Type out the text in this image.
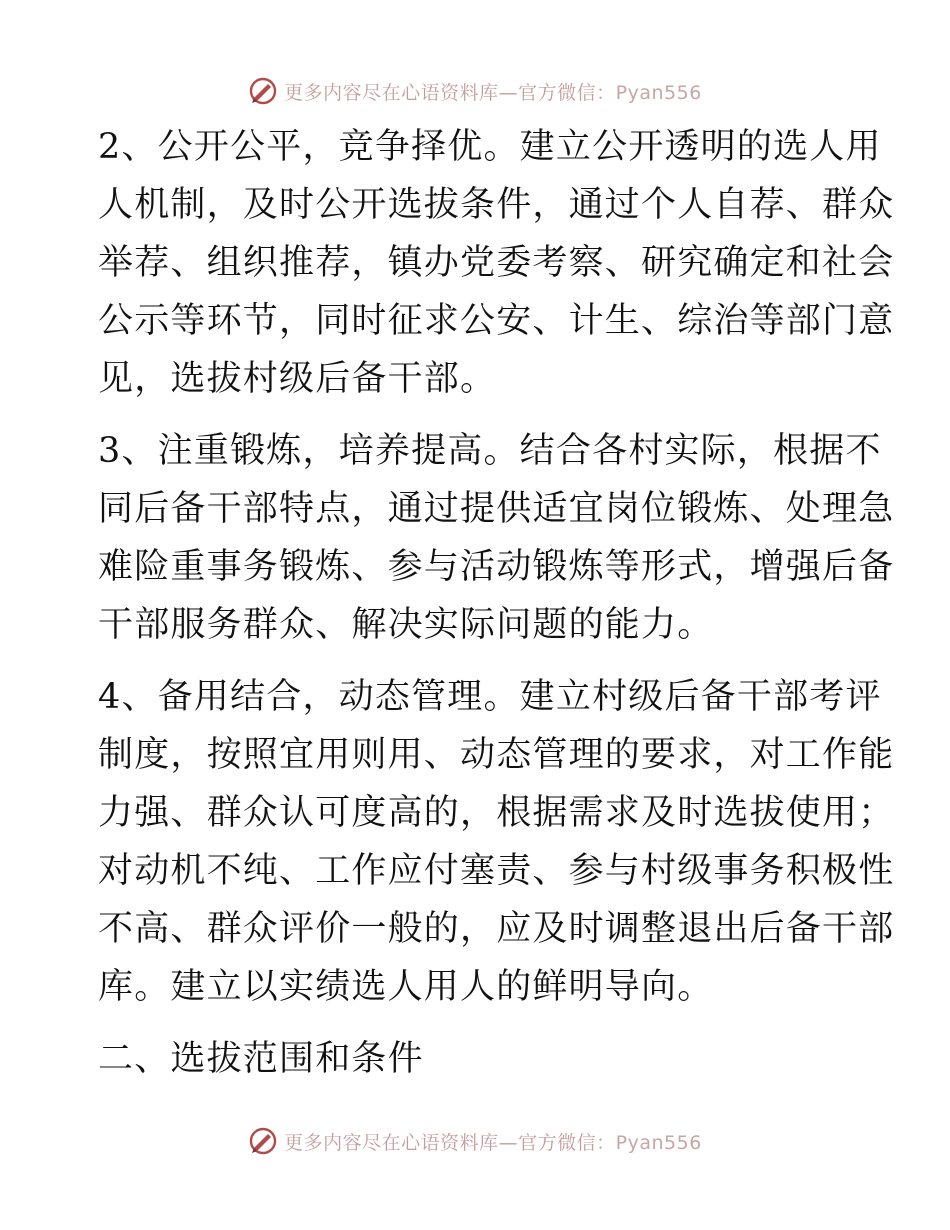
更多内容尽在心语资料库—官方微信：Pyan556
2、公开公平，竞争择优。建立公开透明的选人用
人机制，及时公开选拔条件，通过个人自荐、群众
举荐、组织推荐，镇办党委考察、研究确定和社会
公示等环节，同时征求公安、计生、综治等部门意
见，选拔村级后备干部。
3、注重锻炼，培养提高。结合各村实际，根据不
同后备干部特点，通过提供适宜岗位锻炼、处理急
难险重事务锻炼、参与活动锻炼等形式，增强后备
干部服务群众、解决实际问题的能力。
4、备用结合，动态管理。建立村级后备干部考评
制度，按照宜用则用、动态管理的要求，对工作能
力强、群众认可度高的，根据需求及时选拔使用；
对动机不纯、工作应付塞责、参与村级事务积极性
不高、群众评价一般的，应及时调整退出后备干部
库。建立以实绩选人用人的鲜明导向。
二、选拔范围和条件
更多内容尽在心语资料库—官方微信：Pyan556
